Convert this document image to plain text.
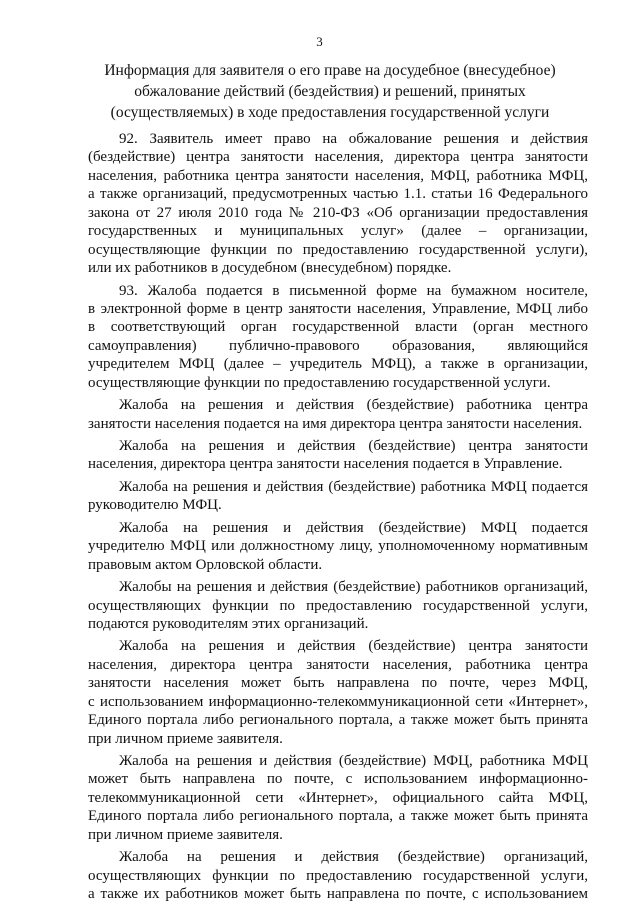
3
Информация для заявителя о его праве на досудебное (внесудебное)
обжалование действий (бездействия) и решений, принятых
(осуществляемых) в ходе предоставления государственной услуги
92. Заявитель имеет право на обжалование решения и действия
(бездействие) центра занятости населения, директора центра занятости
населения, работника центра занятости населения, МФЦ, работника МФЦ,
а также организаций, предусмотренных частью 1.1. статьи 16 Федерального
закона от 27 июля 2010 года № 210-ФЗ «Об организации предоставления
государственных и муниципальных услуг» (далее – организации,
осуществляющие функции по предоставлению государственной услуги),
или их работников в досудебном (внесудебном) порядке.
93. Жалоба подается в письменной форме на бумажном носителе,
в электронной форме в центр занятости населения, Управление, МФЦ либо
в соответствующий орган государственной власти (орган местного
самоуправления) публично-правового образования, являющийся
учредителем МФЦ (далее – учредитель МФЦ), а также в организации,
осуществляющие функции по предоставлению государственной услуги.
Жалоба на решения и действия (бездействие) работника центра
занятости населения подается на имя директора центра занятости населения.
Жалоба на решения и действия (бездействие) центра занятости
населения, директора центра занятости населения подается в Управление.
Жалоба на решения и действия (бездействие) работника МФЦ подается
руководителю МФЦ.
Жалоба на решения и действия (бездействие) МФЦ подается
учредителю МФЦ или должностному лицу, уполномоченному нормативным
правовым актом Орловской области.
Жалобы на решения и действия (бездействие) работников организаций,
осуществляющих функции по предоставлению государственной услуги,
подаются руководителям этих организаций.
Жалоба на решения и действия (бездействие) центра занятости
населения, директора центра занятости населения, работника центра
занятости населения может быть направлена по почте, через МФЦ,
с использованием информационно-телекоммуникационной сети «Интернет»,
Единого портала либо регионального портала, а также может быть принята
при личном приеме заявителя.
Жалоба на решения и действия (бездействие) МФЦ, работника МФЦ
может быть направлена по почте, с использованием информационно-
телекоммуникационной сети «Интернет», официального сайта МФЦ,
Единого портала либо регионального портала, а также может быть принята
при личном приеме заявителя.
Жалоба на решения и действия (бездействие) организаций,
осуществляющих функции по предоставлению государственной услуги,
а также их работников может быть направлена по почте, с использованием
